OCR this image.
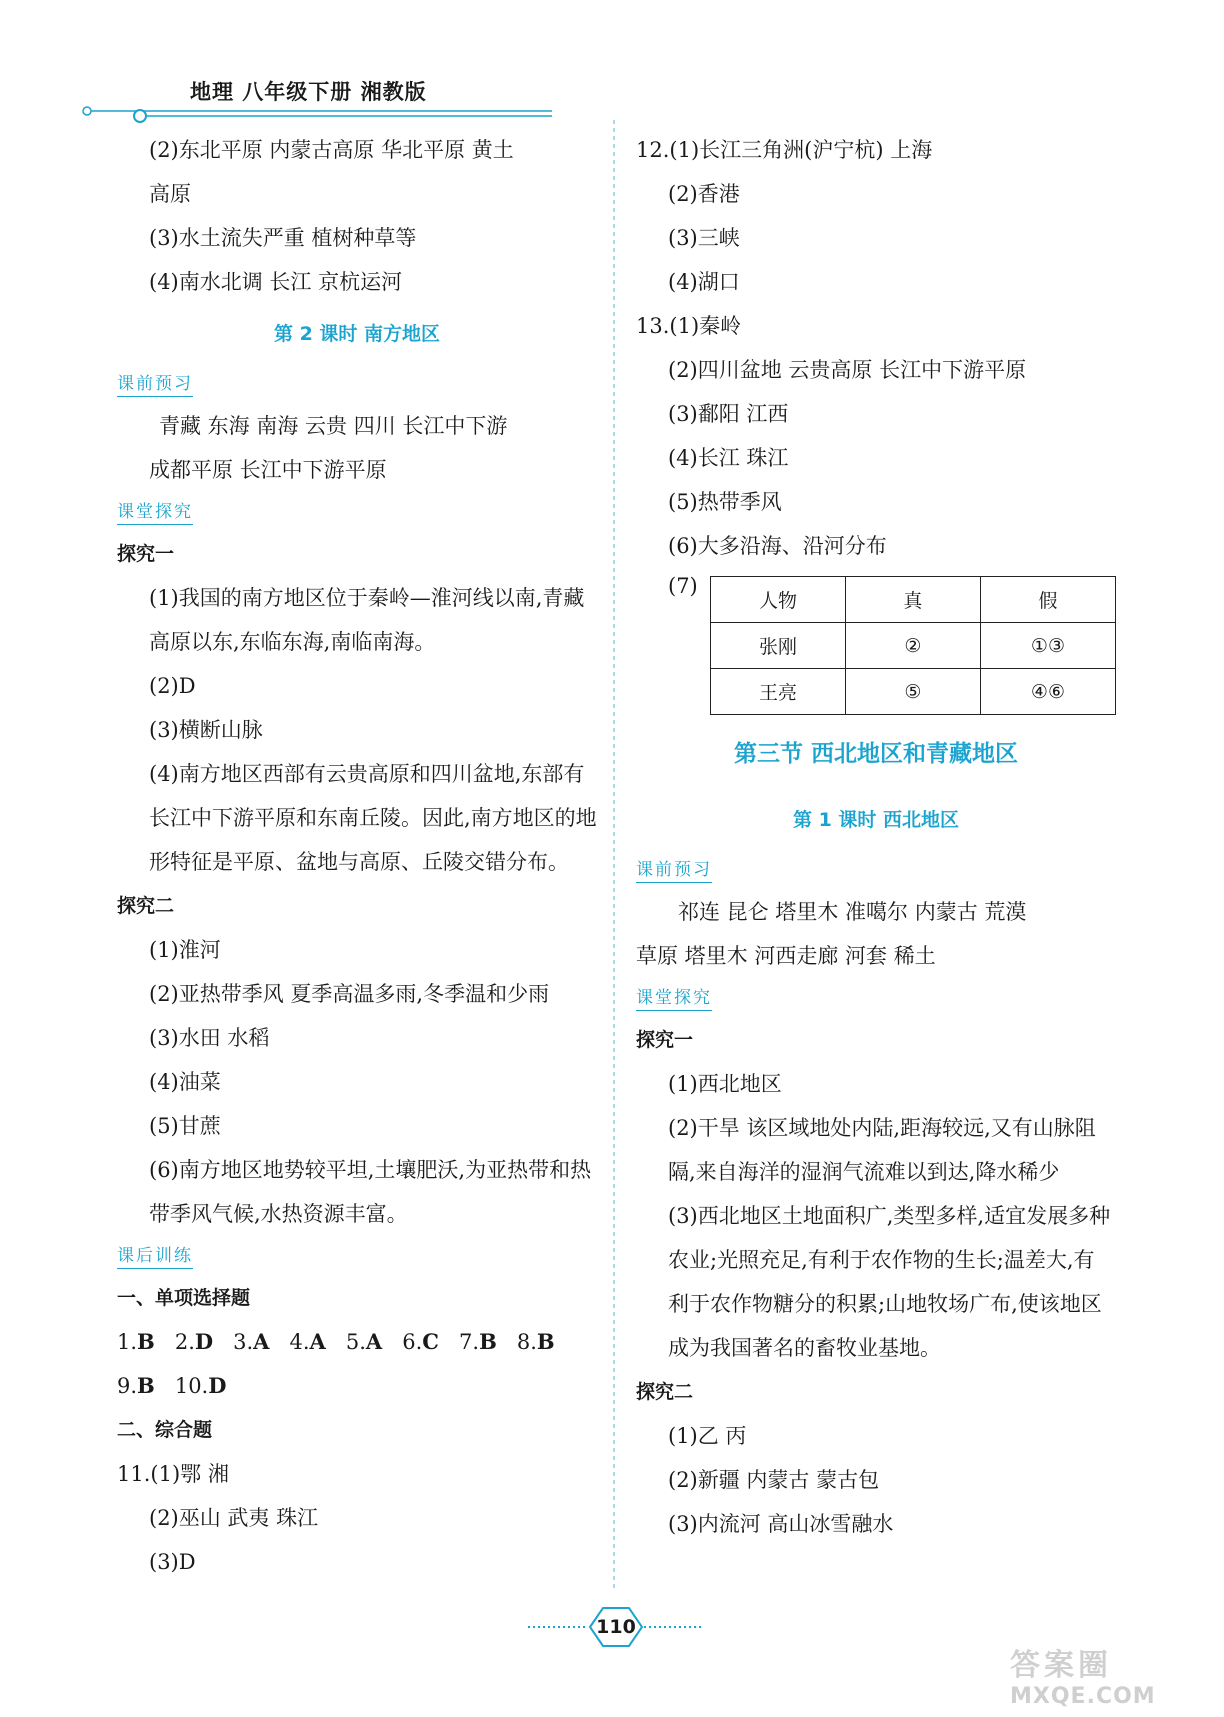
地理 八年级下册 湘教版
(2)东北平原 内蒙古高原 华北平原 黄土
高原
(3)水土流失严重 植树种草等
(4)南水北调 长江 京杭运河
第 2 课时 南方地区
课前预习
青藏 东海 南海 云贵 四川 长江中下游
成都平原 长江中下游平原
课堂探究
探究一
(1)我国的南方地区位于秦岭—淮河线以南,青藏
高原以东,东临东海,南临南海。
(2)D
(3)横断山脉
(4)南方地区西部有云贵高原和四川盆地,东部有
长江中下游平原和东南丘陵。因此,南方地区的地
形特征是平原、盆地与高原、丘陵交错分布。
探究二
(1)淮河
(2)亚热带季风 夏季高温多雨,冬季温和少雨
(3)水田 水稻
(4)油菜
(5)甘蔗
(6)南方地区地势较平坦,土壤肥沃,为亚热带和热
带季风气候,水热资源丰富。
课后训练
一、单项选择题
1.B 2.D 3.A 4.A 5.A 6.C 7.B 8.B
9.B 10.D
二、综合题
11.(1)鄂 湘
(2)巫山 武夷 珠江
(3)D
12.(1)长江三角洲(沪宁杭) 上海
(2)香港
(3)三峡
(4)湖口
13.(1)秦岭
(2)四川盆地 云贵高原 长江中下游平原
(3)鄱阳 江西
(4)长江 珠江
(5)热带季风
(6)大多沿海、沿河分布
(7)
人物	真	假
张刚	②	①③
王亮	⑤	④⑥
第三节 西北地区和青藏地区
第 1 课时 西北地区
课前预习
祁连 昆仑 塔里木 准噶尔 内蒙古 荒漠
草原 塔里木 河西走廊 河套 稀土
课堂探究
探究一
(1)西北地区
(2)干旱 该区域地处内陆,距海较远,又有山脉阻
隔,来自海洋的湿润气流难以到达,降水稀少
(3)西北地区土地面积广,类型多样,适宜发展多种
农业;光照充足,有利于农作物的生长;温差大,有
利于农作物糖分的积累;山地牧场广布,使该地区
成为我国著名的畜牧业基地。
探究二
(1)乙 丙
(2)新疆 内蒙古 蒙古包
(3)内流河 高山冰雪融水
110
答案圈
MXQE.COM
